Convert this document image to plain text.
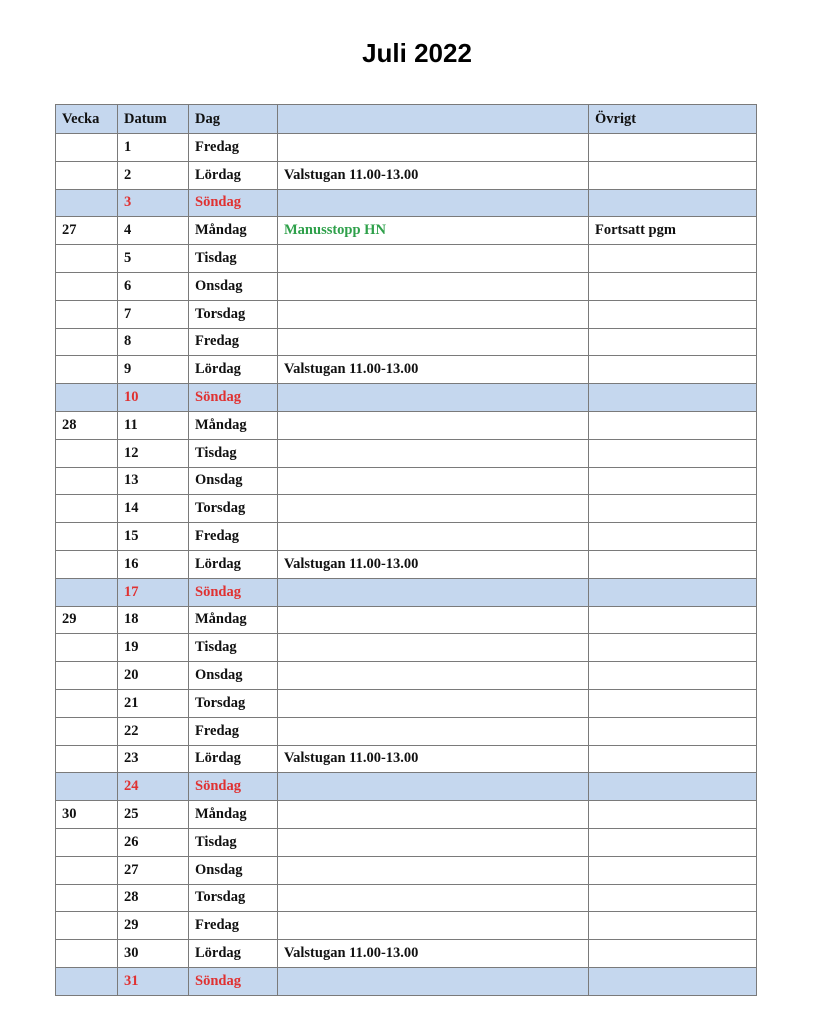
Juli 2022
Vecka	Datum	Dag		Övrigt
	1	Fredag		
	2	Lördag	Valstugan 11.00-13.00	
	3	Söndag		
27	4	Måndag	Manusstopp HN	Fortsatt pgm
	5	Tisdag		
	6	Onsdag		
	7	Torsdag		
	8	Fredag		
	9	Lördag	Valstugan 11.00-13.00	
	10	Söndag		
28	11	Måndag		
	12	Tisdag		
	13	Onsdag		
	14	Torsdag		
	15	Fredag		
	16	Lördag	Valstugan 11.00-13.00	
	17	Söndag		
29	18	Måndag		
	19	Tisdag		
	20	Onsdag		
	21	Torsdag		
	22	Fredag		
	23	Lördag	Valstugan 11.00-13.00	
	24	Söndag		
30	25	Måndag		
	26	Tisdag		
	27	Onsdag		
	28	Torsdag		
	29	Fredag		
	30	Lördag	Valstugan 11.00-13.00	
	31	Söndag		
